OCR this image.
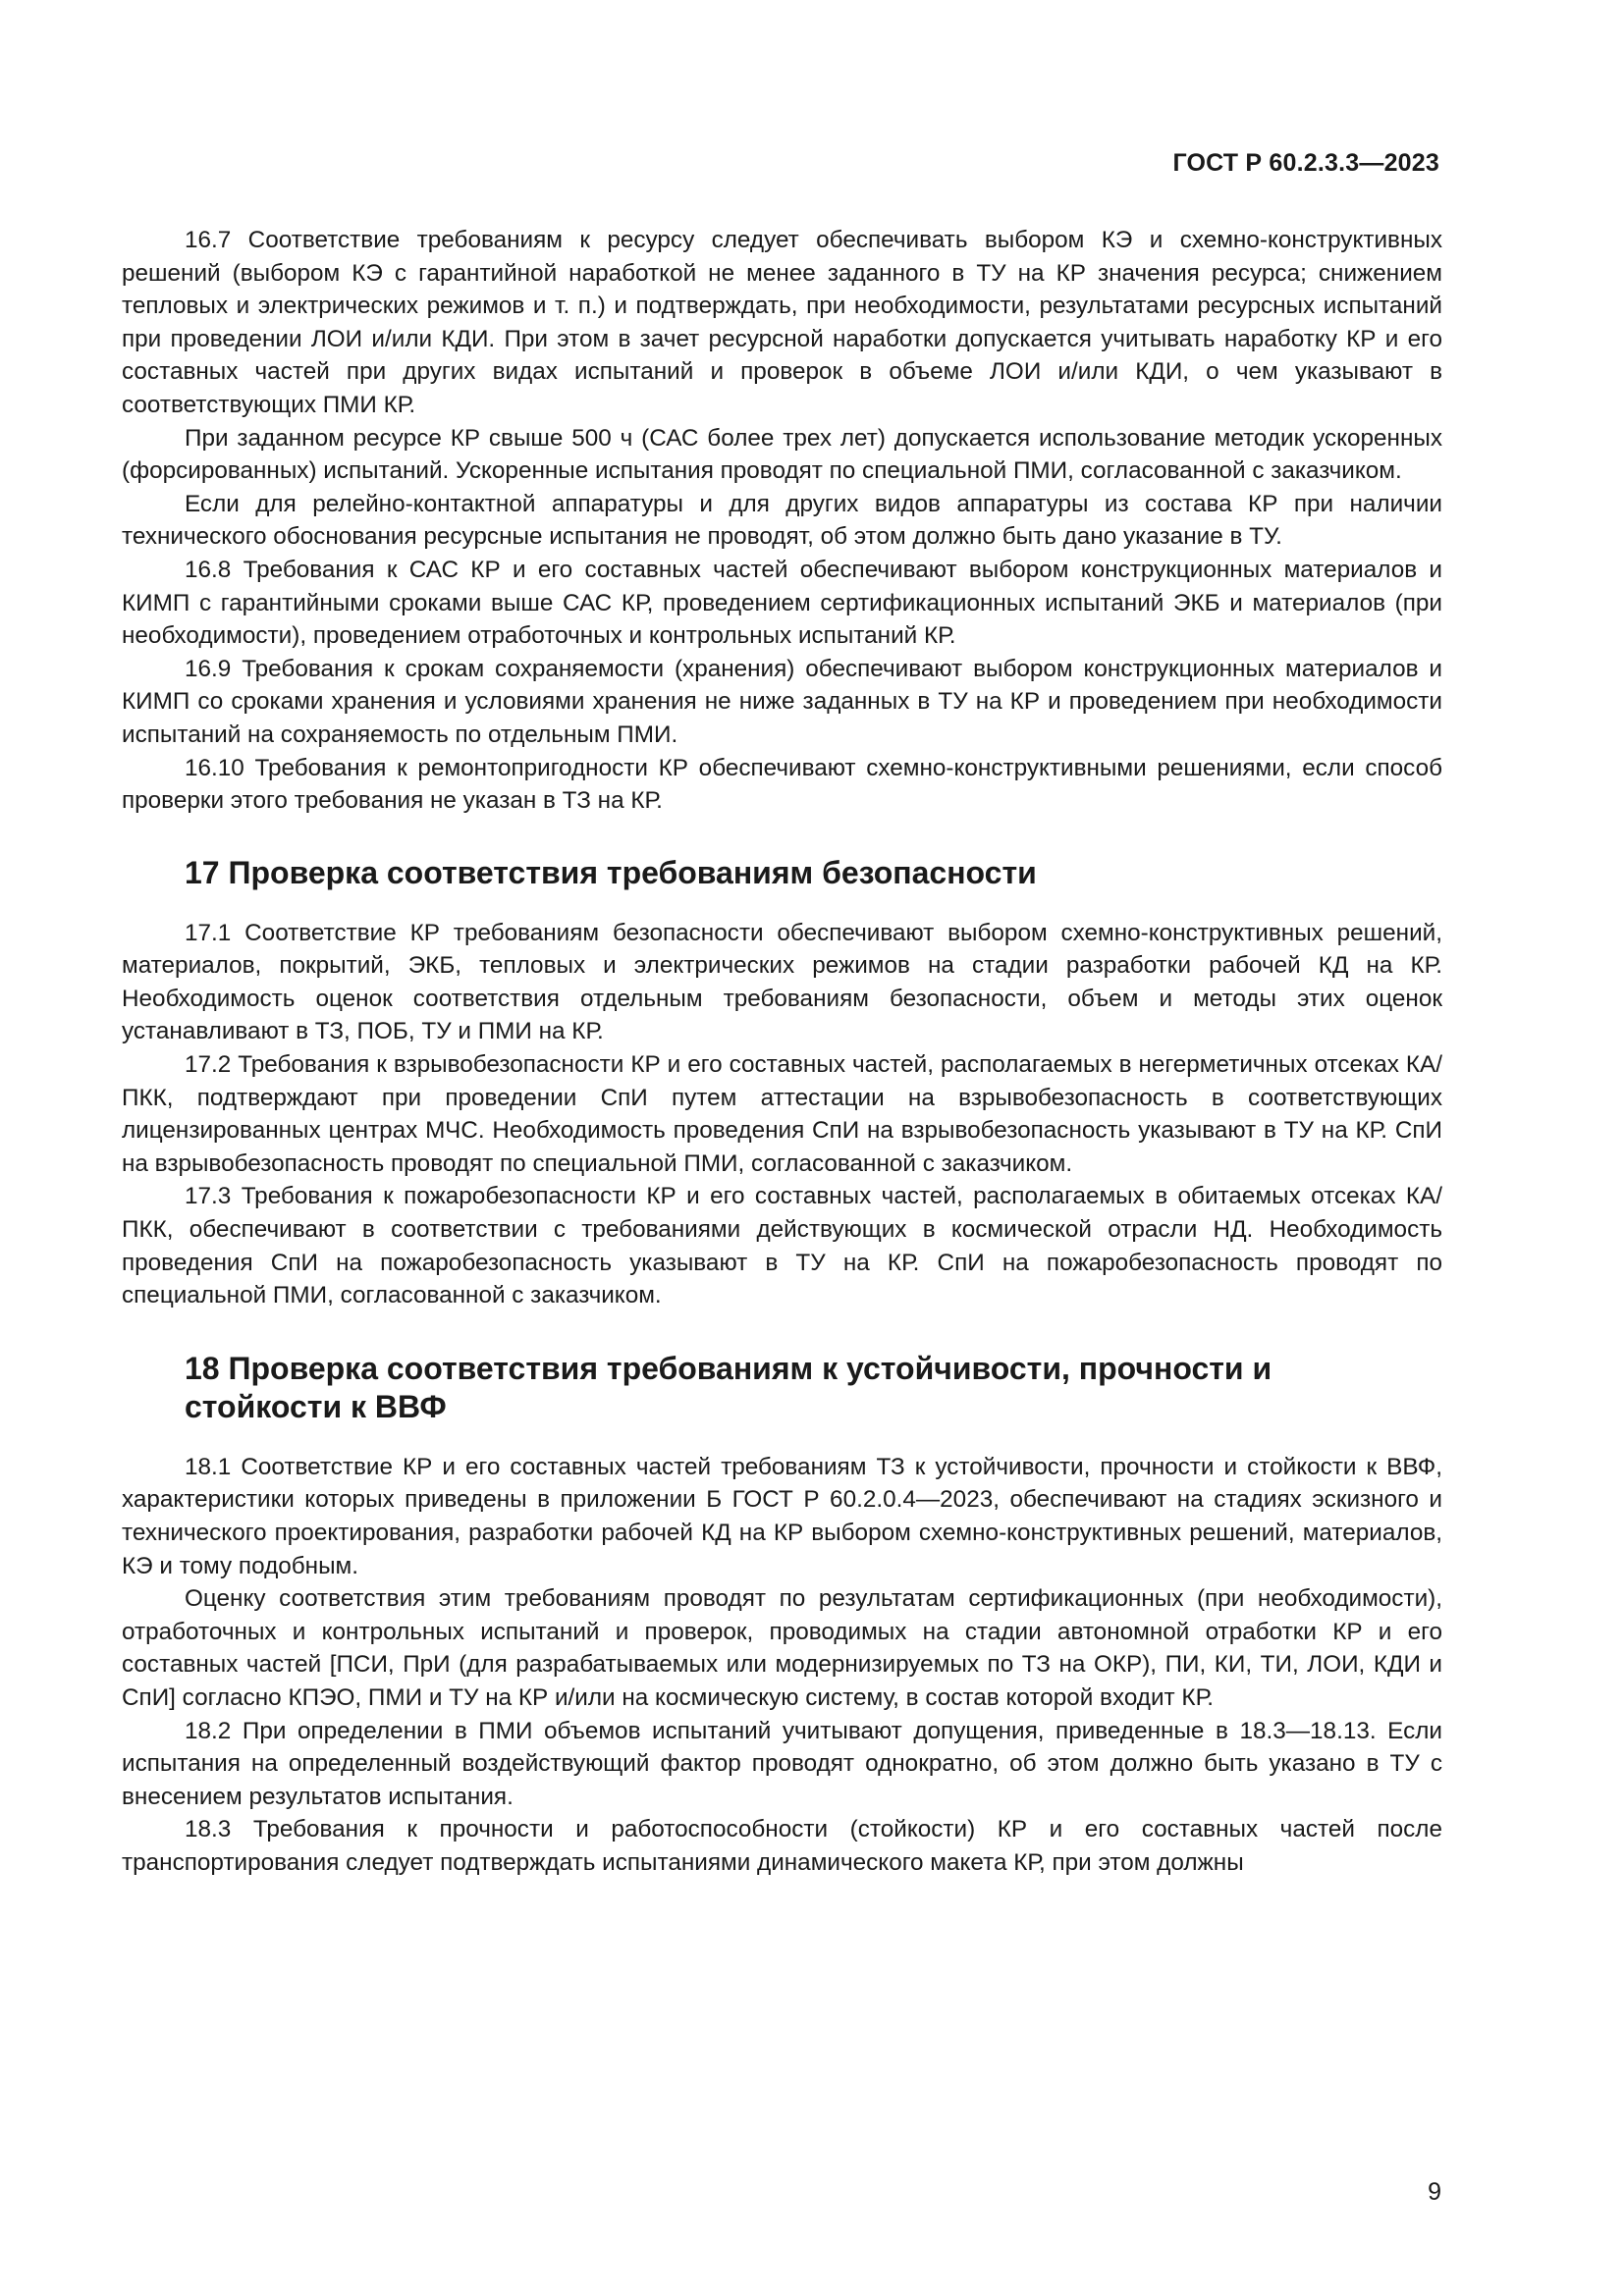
ГОСТ Р 60.2.3.3—2023

16.7 Соответствие требованиям к ресурсу следует обеспечивать выбором КЭ и схемно-конструктивных решений (выбором КЭ с гарантийной наработкой не менее заданного в ТУ на КР значения ресурса; снижением тепловых и электрических режимов и т. п.) и подтверждать, при необходимости, результатами ресурсных испытаний при проведении ЛОИ и/или КДИ. При этом в зачет ресурсной наработки допускается учитывать наработку КР и его составных частей при других видах испытаний и проверок в объеме ЛОИ и/или КДИ, о чем указывают в соответствующих ПМИ КР.

При заданном ресурсе КР свыше 500 ч (САС более трех лет) допускается использование методик ускоренных (форсированных) испытаний. Ускоренные испытания проводят по специальной ПМИ, согласованной с заказчиком.

Если для релейно-контактной аппаратуры и для других видов аппаратуры из состава КР при наличии технического обоснования ресурсные испытания не проводят, об этом должно быть дано указание в ТУ.

16.8 Требования к САС КР и его составных частей обеспечивают выбором конструкционных материалов и КИМП с гарантийными сроками выше САС КР, проведением сертификационных испытаний ЭКБ и материалов (при необходимости), проведением отработочных и контрольных испытаний КР.

16.9 Требования к срокам сохраняемости (хранения) обеспечивают выбором конструкционных материалов и КИМП со сроками хранения и условиями хранения не ниже заданных в ТУ на КР и проведением при необходимости испытаний на сохраняемость по отдельным ПМИ.

16.10 Требования к ремонтопригодности КР обеспечивают схемно-конструктивными решениями, если способ проверки этого требования не указан в ТЗ на КР.

17 Проверка соответствия требованиям безопасности

17.1 Соответствие КР требованиям безопасности обеспечивают выбором схемно-конструктивных решений, материалов, покрытий, ЭКБ, тепловых и электрических режимов на стадии разработки рабочей КД на КР. Необходимость оценок соответствия отдельным требованиям безопасности, объем и методы этих оценок устанавливают в ТЗ, ПОБ, ТУ и ПМИ на КР.

17.2 Требования к взрывобезопасности КР и его составных частей, располагаемых в негерметичных отсеках КА/ПКК, подтверждают при проведении СпИ путем аттестации на взрывобезопасность в соответствующих лицензированных центрах МЧС. Необходимость проведения СпИ на взрывобезопасность указывают в ТУ на КР. СпИ на взрывобезопасность проводят по специальной ПМИ, согласованной с заказчиком.

17.3 Требования к пожаробезопасности КР и его составных частей, располагаемых в обитаемых отсеках КА/ПКК, обеспечивают в соответствии с требованиями действующих в космической отрасли НД. Необходимость проведения СпИ на пожаробезопасность указывают в ТУ на КР. СпИ на пожаробезопасность проводят по специальной ПМИ, согласованной с заказчиком.

18 Проверка соответствия требованиям к устойчивости, прочности и стойкости к ВВФ

18.1 Соответствие КР и его составных частей требованиям ТЗ к устойчивости, прочности и стойкости к ВВФ, характеристики которых приведены в приложении Б ГОСТ Р 60.2.0.4—2023, обеспечивают на стадиях эскизного и технического проектирования, разработки рабочей КД на КР выбором схемно-конструктивных решений, материалов, КЭ и тому подобным.

Оценку соответствия этим требованиям проводят по результатам сертификационных (при необходимости), отработочных и контрольных испытаний и проверок, проводимых на стадии автономной отработки КР и его составных частей [ПСИ, ПрИ (для разрабатываемых или модернизируемых по ТЗ на ОКР), ПИ, КИ, ТИ, ЛОИ, КДИ и СпИ] согласно КПЭО, ПМИ и ТУ на КР и/или на космическую систему, в состав которой входит КР.

18.2 При определении в ПМИ объемов испытаний учитывают допущения, приведенные в 18.3—18.13. Если испытания на определенный воздействующий фактор проводят однократно, об этом должно быть указано в ТУ с внесением результатов испытания.

18.3 Требования к прочности и работоспособности (стойкости) КР и его составных частей после транспортирования следует подтверждать испытаниями динамического макета КР, при этом должны

9
